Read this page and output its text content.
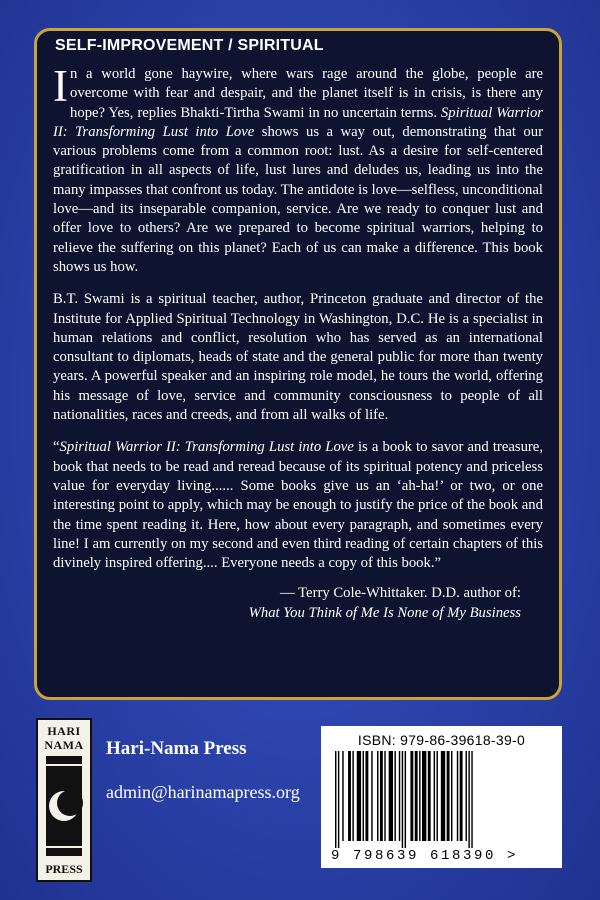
SELF-IMPROVEMENT / SPIRITUAL

In a world gone haywire, where wars rage around the globe, people are overcome with fear and despair, and the planet itself is in crisis, is there any hope? Yes, replies Bhakti-Tirtha Swami in no uncertain terms. Spiritual Warrior II: Transforming Lust into Love shows us a way out, demonstrating that our various problems come from a common root: lust. As a desire for self-centered gratification in all aspects of life, lust lures and deludes us, leading us into the many impasses that confront us today. The antidote is love—selfless, unconditional love—and its inseparable companion, service. Are we ready to conquer lust and offer love to others? Are we prepared to become spiritual warriors, helping to relieve the suffering on this planet? Each of us can make a difference. This book shows us how.

B.T. Swami is a spiritual teacher, author, Princeton graduate and director of the Institute for Applied Spiritual Technology in Washington, D.C. He is a specialist in human relations and conflict, resolution who has served as an international consultant to diplomats, heads of state and the general public for more than twenty years. A powerful speaker and an inspiring role model, he tours the world, offering his message of love, service and community consciousness to people of all nationalities, races and creeds, and from all walks of life.

“Spiritual Warrior II: Transforming Lust into Love is a book to savor and treasure, book that needs to be read and reread because of its spiritual potency and priceless value for everyday living...... Some books give us an ‘ah-ha!’ or two, or one interesting point to apply, which may be enough to justify the price of the book and the time spent reading it. Here, how about every paragraph, and sometimes every line! I am currently on my second and even third reading of certain chapters of this divinely inspired offering.... Everyone needs a copy of this book.”

— Terry Cole-Whittaker. D.D. author of:
What You Think of Me Is None of My Business
HARI
NAMA
PRESS
Hari-Nama Press
admin@harinamapress.org
ISBN: 979-86-39618-39-0
9 798639 618390 >
